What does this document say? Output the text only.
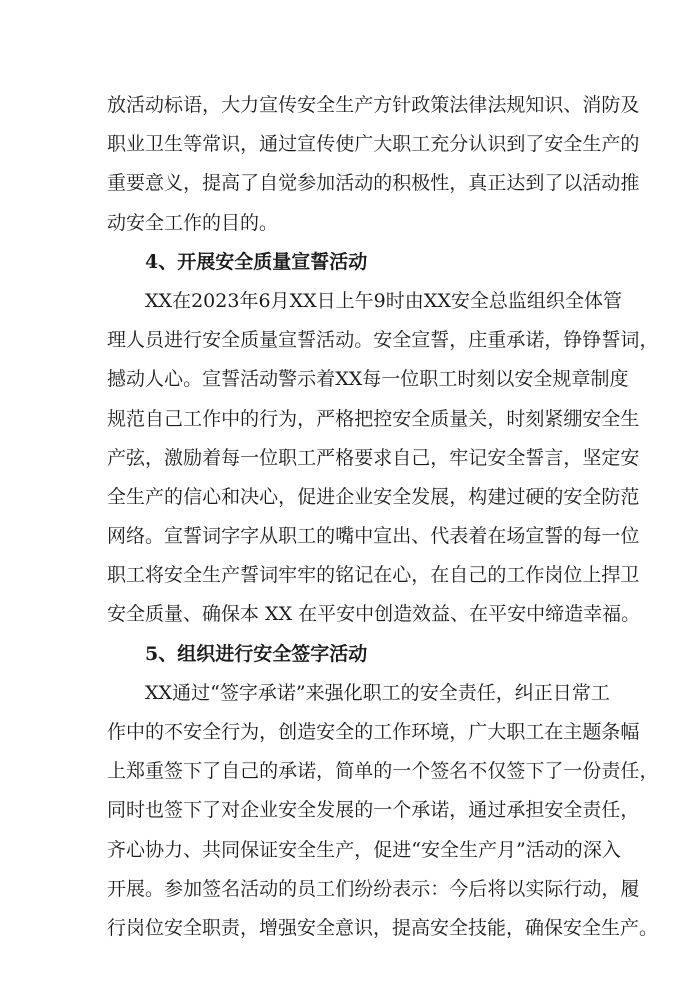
放 活 动 标 语 ， 大 力 宣 传 安 全 生 产 方 针 政 策 法 律 法 规 知 识 、 消 防 及
职 业 卫 生 等 常 识 ， 通 过 宣 传 使 广 大 职 工 充 分 认 识 到 了 安 全 生 产 的
重 要 意 义 ， 提 高 了 自 觉 参 加 活 动 的 积 极 性 ， 真 正 达 到 了 以 活 动 推
动安全工作的目的。
4、开展安全质量宣誓活动
XX 在 2023 年 6 月 XX 日 上 午 9 时 由 XX 安 全 总 监 组 织 全 体 管
理 人 员 进 行 安 全 质 量 宣 誓 活 动 。 安 全 宣 誓 ， 庄 重 承 诺 ， 铮 铮 誓 词 ，
撼 动 人 心 。 宣 誓 活 动 警 示 着 XX 每 一 位 职 工 时 刻 以 安 全 规 章 制 度
规 范 自 己 工 作 中 的 行 为 ， 严 格 把 控 安 全 质 量 关 ， 时 刻 紧 绷 安 全 生
产 弦 ， 激 励 着 每 一 位 职 工 严 格 要 求 自 己 ， 牢 记 安 全 誓 言 ， 坚 定 安
全 生 产 的 信 心 和 决 心 ， 促 进 企 业 安 全 发 展 ， 构 建 过 硬 的 安 全 防 范
网 络 。 宣 誓 词 字 字 从 职 工 的 嘴 中 宣 出 、 代 表 着 在 场 宣 誓 的 每 一 位
职 工 将 安 全 生 产 誓 词 牢 牢 的 铭 记 在 心 ， 在 自 己 的 工 作 岗 位 上 捍 卫
安全质量、确保本 XX 在平安中创造效益、在平安中缔造幸福。
5、组织进行安全签字活动
XX 通 过 “ 签 字 承 诺 ” 来 强 化 职 工 的 安 全 责 任 ， 纠 正 日 常 工
作 中 的 不 安 全 行 为 ， 创 造 安 全 的 工 作 环 境 ， 广 大 职 工 在 主 题 条 幅
上 郑 重 签 下 了 自 己 的 承 诺 ， 简 单 的 一 个 签 名 不 仅 签 下 了 一 份 责 任 ，
同 时 也 签 下 了 对 企 业 安 全 发 展 的 一 个 承 诺 ， 通 过 承 担 安 全 责 任 ，
齐 心 协 力 、 共 同 保 证 安 全 生 产 ， 促 进 “ 安 全 生 产 月 ” 活 动 的 深 入
开 展 。 参 加 签 名 活 动 的 员 工 们 纷 纷 表 示 ： 今 后 将 以 实 际 行 动 ， 履
行岗位安全职责，增强安全意识，提高安全技能，确保安全生产。
